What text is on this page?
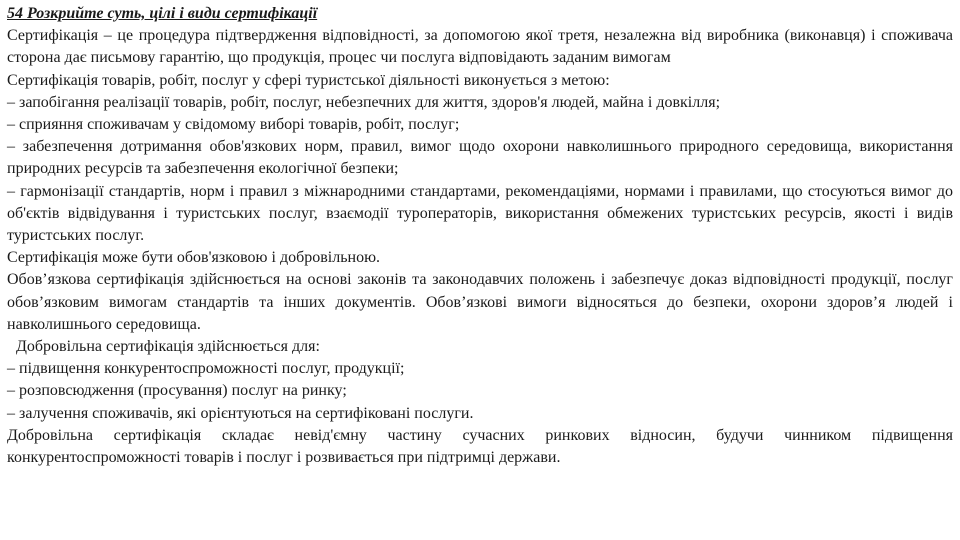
54 Розкрийте суть, цілі і види сертифікації

Сертифікація – це процедура підтвердження відповідності, за допомогою якої третя, незалежна від виробника (виконавця) і споживача сторона дає письмову гарантію, що продукція, процес чи послуга відповідають заданим вимогам

Сертифікація товарів, робіт, послуг у сфері туристської діяльності виконується з метою:

– запобігання реалізації товарів, робіт, послуг, небезпечних для життя, здоров'я людей, майна і довкілля;

– сприяння споживачам у свідомому виборі товарів, робіт, послуг;

– забезпечення дотримання обов'язкових норм, правил, вимог щодо охорони навколишнього природного середовища, використання природних ресурсів та забезпечення екологічної безпеки;

– гармонізації стандартів, норм і правил з міжнародними стандартами, рекомендаціями, нормами і правилами, що стосуються вимог до об'єктів відвідування і туристських послуг, взаємодії туроператорів, використання обмежених туристських ресурсів, якості і видів туристських послуг.

Сертифікація може бути обов'язковою і добровільною.

Обов’язкова сертифікація здійснюється на основі законів та законодавчих положень і забезпечує доказ відповідності продукції, послуг обов’язковим вимогам стандартів та інших документів. Обов’язкові вимоги відносяться до безпеки, охорони здоров’я людей і навколишнього середовища.

Добровільна сертифікація здійснюється для:

– підвищення конкурентоспроможності послуг, продукції;

– розповсюдження (просування) послуг на ринку;

– залучення споживачів, які орієнтуються на сертифіковані послуги.

Добровільна сертифікація складає невід'ємну частину сучасних ринкових відносин, будучи чинником підвищення конкурентоспроможності товарів і послуг і розвивається при підтримці держави.
